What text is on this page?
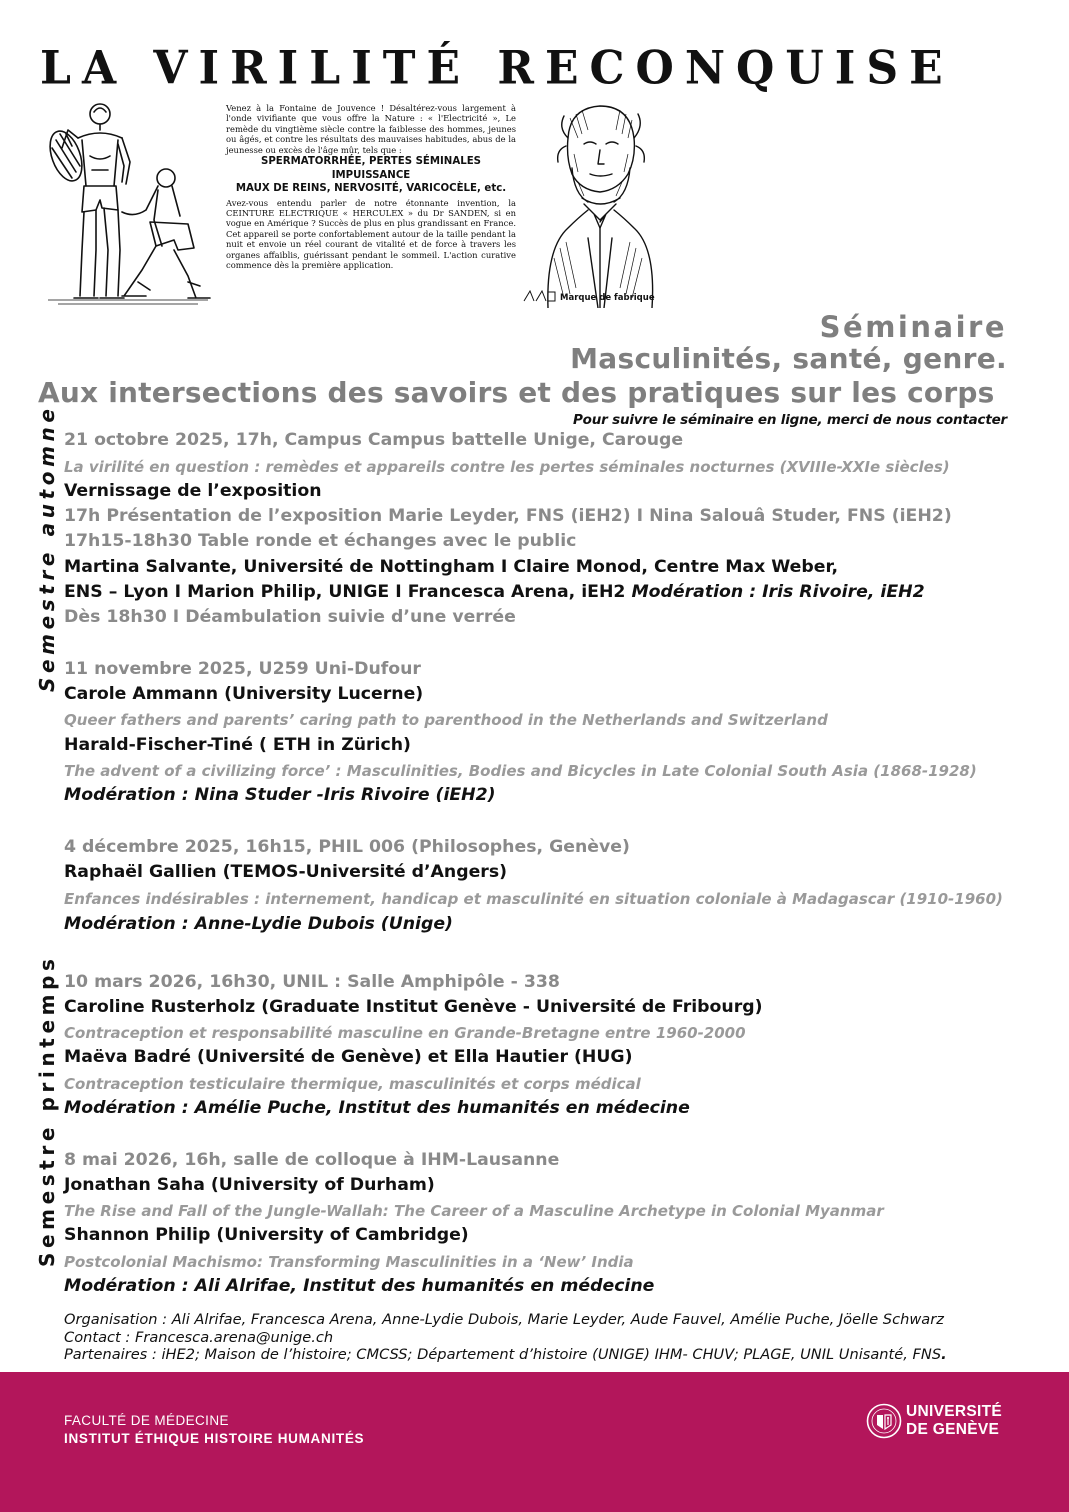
LA VIRILITÉ RECONQUISE

Venez à la Fontaine de Jouvence ! Désaltérez-vous largement à l'onde vivifiante que vous offre la Nature : « l'Electricité », Le remède du vingtième siècle contre la faiblesse des hommes, jeunes ou âgés, et contre les résultats des mauvaises habitudes, abus de la jeunesse ou excès de l'âge mûr, tels que :

SPERMATORRHÉE, PERTES SÉMINALES
IMPUISSANCE
MAUX DE REINS, NERVOSITÉ, VARICOCÈLE, etc.

Avez-vous entendu parler de notre étonnante invention, la CEINTURE ELECTRIQUE « HERCULEX » du Dr SANDEN, si en vogue en Amérique ? Succès de plus en plus grandissant en France. Cet appareil se porte confortablement autour de la taille pendant la nuit et envoie un réel courant de vitalité et de force à travers les organes affaiblis, guérissant pendant le sommeil. L'action curative commence dès la première application.

Marque de fabrique
Séminaire
Masculinités, santé, genre.
Aux intersections des savoirs et des pratiques sur les corps
Pour suivre le séminaire en ligne, merci de nous contacter
Semestre automne
Semestre printemps
21 octobre 2025, 17h, Campus Campus battelle Unige, Carouge
La virilité en question : remèdes et appareils contre les pertes séminales nocturnes (XVIIIe-XXIe siècles)
Vernissage de l’exposition
17h Présentation de l’exposition Marie Leyder, FNS (iEH2) I Nina Salouâ Studer, FNS (iEH2)
17h15-18h30 Table ronde et échanges avec le public
Martina Salvante, Université de Nottingham I Claire Monod, Centre Max Weber,
ENS – Lyon I Marion Philip, UNIGE I Francesca Arena, iEH2 Modération : Iris Rivoire, iEH2
Dès 18h30 I Déambulation suivie d’une verrée
11 novembre 2025, U259 Uni-Dufour
Carole Ammann (University Lucerne)
Queer fathers and parents’ caring path to parenthood in the Netherlands and Switzerland
Harald-Fischer-Tiné ( ETH in Zürich)
The advent of a civilizing force’ : Masculinities, Bodies and Bicycles in Late Colonial South Asia (1868-1928)
Modération : Nina Studer -Iris Rivoire (iEH2)
4 décembre 2025, 16h15, PHIL 006 (Philosophes, Genève)
Raphaël Gallien (TEMOS-Université d’Angers)
Enfances indésirables : internement, handicap et masculinité en situation coloniale à Madagascar (1910-1960)
Modération : Anne-Lydie Dubois (Unige)
10 mars 2026, 16h30, UNIL : Salle Amphipôle - 338
Caroline Rusterholz (Graduate Institut Genève - Université de Fribourg)
Contraception et responsabilité masculine en Grande-Bretagne entre 1960-2000
Maëva Badré (Université de Genève) et Ella Hautier (HUG)
Contraception testiculaire thermique, masculinités et corps médical
Modération : Amélie Puche, Institut des humanités en médecine
8 mai 2026, 16h, salle de colloque à IHM-Lausanne
Jonathan Saha (University of Durham)
The Rise and Fall of the Jungle-Wallah: The Career of a Masculine Archetype in Colonial Myanmar
Shannon Philip (University of Cambridge)
Postcolonial Machismo: Transforming Masculinities in a ‘New’ India
Modération : Ali Alrifae, Institut des humanités en médecine
Organisation : Ali Alrifae, Francesca Arena, Anne-Lydie Dubois, Marie Leyder, Aude Fauvel, Amélie Puche, Jöelle Schwarz
Contact : Francesca.arena@unige.ch
Partenaires : iHE2; Maison de l’histoire; CMCSS; Département d’histoire (UNIGE) IHM- CHUV; PLAGE, UNIL Unisanté, FNS.
FACULTÉ DE MÉDECINE
INSTITUT ÉTHIQUE HISTOIRE HUMANITÉS
UNIVERSITÉ
DE GENÈVE
